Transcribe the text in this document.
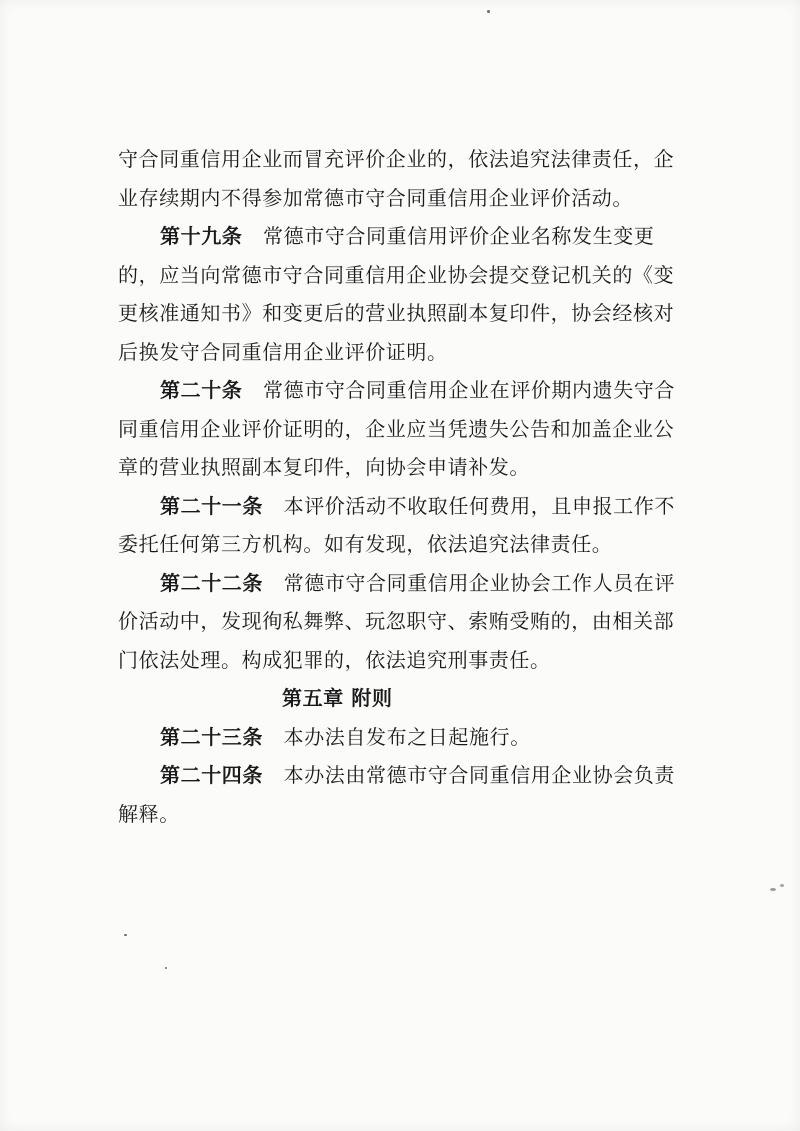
守合同重信用企业而冒充评价企业的，依法追究法律责任，企
业存续期内不得参加常德市守合同重信用企业评价活动。
第十九条  常德市守合同重信用评价企业名称发生变更
的，应当向常德市守合同重信用企业协会提交登记机关的《变
更核准通知书》和变更后的营业执照副本复印件，协会经核对
后换发守合同重信用企业评价证明。
第二十条  常德市守合同重信用企业在评价期内遗失守合
同重信用企业评价证明的，企业应当凭遗失公告和加盖企业公
章的营业执照副本复印件，向协会申请补发。
第二十一条  本评价活动不收取任何费用，且申报工作不
委托任何第三方机构。如有发现，依法追究法律责任。
第二十二条  常德市守合同重信用企业协会工作人员在评
价活动中，发现徇私舞弊、玩忽职守、索贿受贿的，由相关部
门依法处理。构成犯罪的，依法追究刑事责任。
第五章 附则
第二十三条  本办法自发布之日起施行。
第二十四条  本办法由常德市守合同重信用企业协会负责
解释。
